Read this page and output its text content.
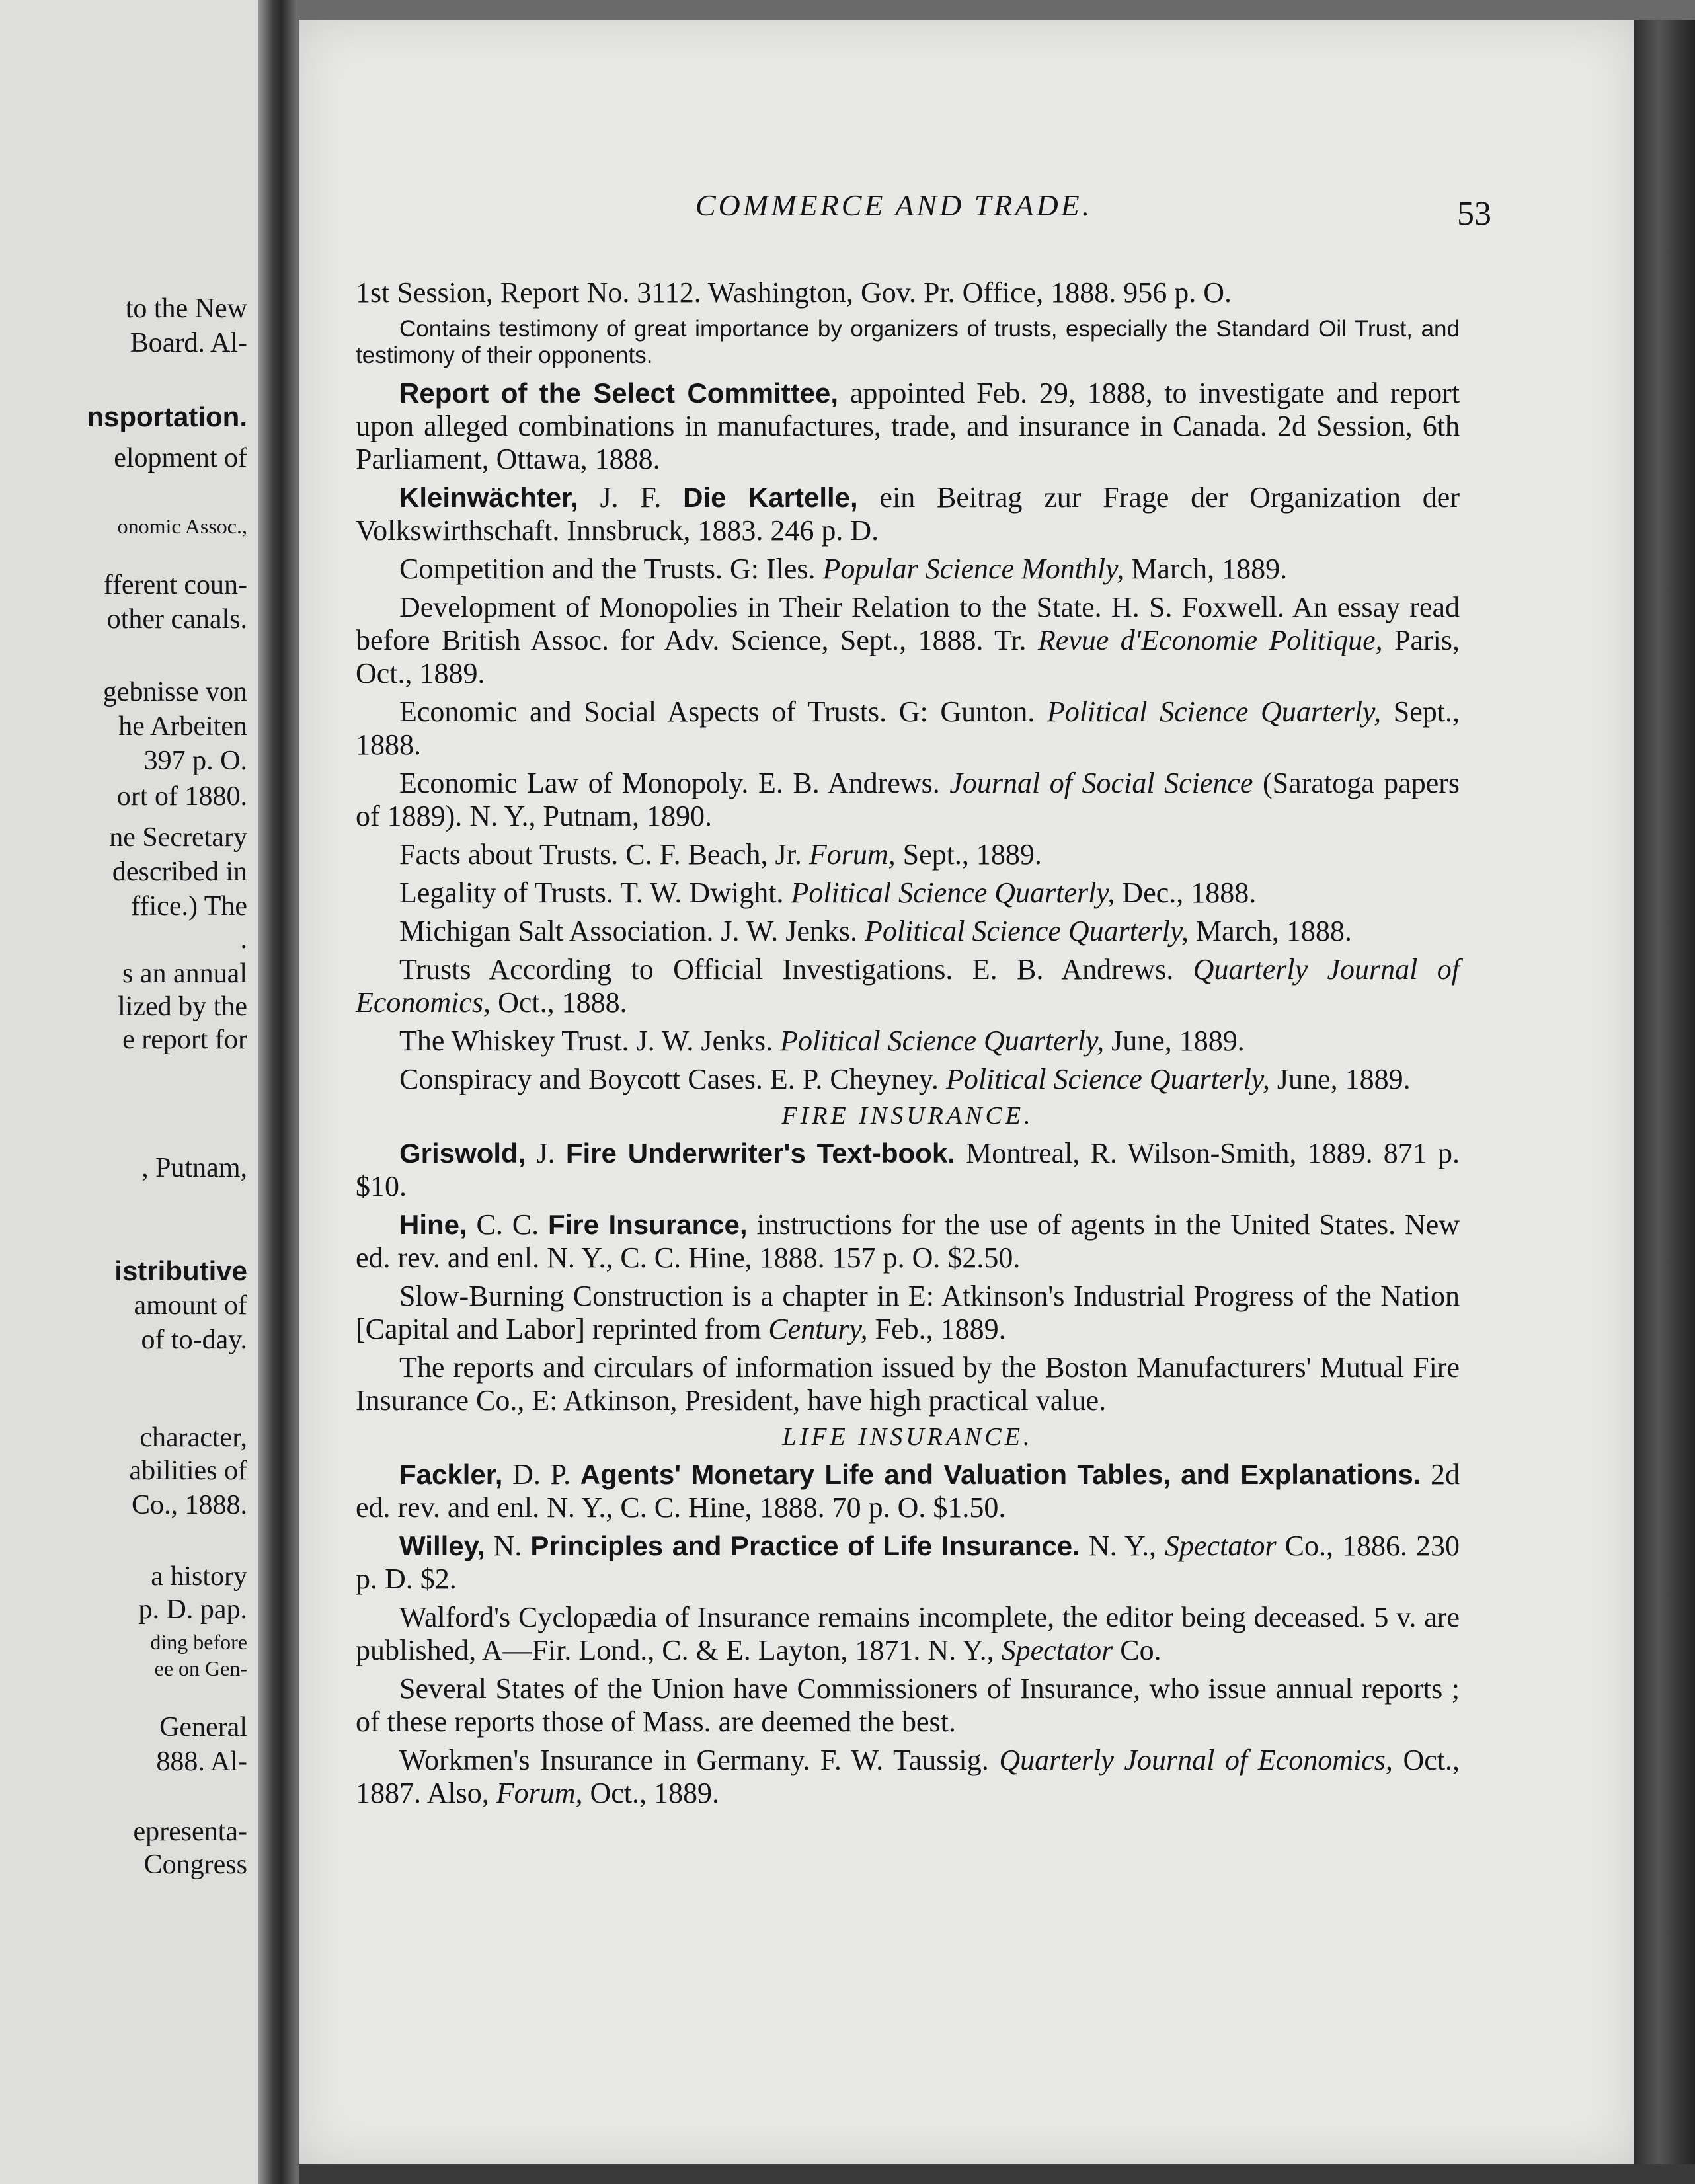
to the New
Board. Al-
nsportation.
elopment of
onomic Assoc.,
fferent coun-
other canals.
gebnisse von
he Arbeiten
397 p. O.
ort of 1880.
ne Secretary
described in
ffice.) The
.
s an annual
lized by the
e report for
, Putnam,
istributive
amount of
of to-day.
character,
abilities of
Co., 1888.
a history
p. D. pap.
ding before
ee on Gen-
General
888. Al-
epresenta-
Congress
COMMERCE AND TRADE.	53
1st Session, Report No. 3112. Washington, Gov. Pr. Office, 1888. 956 p. O.
Contains testimony of great importance by organizers of trusts, especially the Standard Oil Trust, and testimony of their opponents.
Report of the Select Committee, appointed Feb. 29, 1888, to investigate and report upon alleged combinations in manufactures, trade, and insurance in Canada. 2d Session, 6th Parliament, Ottawa, 1888.
Kleinwächter, J. F. Die Kartelle, ein Beitrag zur Frage der Organization der Volkswirthschaft. Innsbruck, 1883. 246 p. D.
Competition and the Trusts. G: Iles. Popular Science Monthly, March, 1889.
Development of Monopolies in Their Relation to the State. H. S. Foxwell. An essay read before British Assoc. for Adv. Science, Sept., 1888. Tr. Revue d'Economie Politique, Paris, Oct., 1889.
Economic and Social Aspects of Trusts. G: Gunton. Political Science Quarterly, Sept., 1888.
Economic Law of Monopoly. E. B. Andrews. Journal of Social Science (Saratoga papers of 1889). N. Y., Putnam, 1890.
Facts about Trusts. C. F. Beach, Jr. Forum, Sept., 1889.
Legality of Trusts. T. W. Dwight. Political Science Quarterly, Dec., 1888.
Michigan Salt Association. J. W. Jenks. Political Science Quarterly, March, 1888.
Trusts According to Official Investigations. E. B. Andrews. Quarterly Journal of Economics, Oct., 1888.
The Whiskey Trust. J. W. Jenks. Political Science Quarterly, June, 1889.
Conspiracy and Boycott Cases. E. P. Cheyney. Political Science Quarterly, June, 1889.
FIRE INSURANCE.
Griswold, J. Fire Underwriter's Text-book. Montreal, R. Wilson-Smith, 1889. 871 p. $10.
Hine, C. C. Fire Insurance, instructions for the use of agents in the United States. New ed. rev. and enl. N. Y., C. C. Hine, 1888. 157 p. O. $2.50.
Slow-Burning Construction is a chapter in E: Atkinson's Industrial Progress of the Nation [Capital and Labor] reprinted from Century, Feb., 1889.
The reports and circulars of information issued by the Boston Manufacturers' Mutual Fire Insurance Co., E: Atkinson, President, have high practical value.
LIFE INSURANCE.
Fackler, D. P. Agents' Monetary Life and Valuation Tables, and Explanations. 2d ed. rev. and enl. N. Y., C. C. Hine, 1888. 70 p. O. $1.50.
Willey, N. Principles and Practice of Life Insurance. N. Y., Spectator Co., 1886. 230 p. D. $2.
Walford's Cyclopædia of Insurance remains incomplete, the editor being deceased. 5 v. are published, A—Fir. Lond., C. & E. Layton, 1871. N. Y., Spectator Co.
Several States of the Union have Commissioners of Insurance, who issue annual reports ; of these reports those of Mass. are deemed the best.
Workmen's Insurance in Germany. F. W. Taussig. Quarterly Journal of Economics, Oct., 1887. Also, Forum, Oct., 1889.
